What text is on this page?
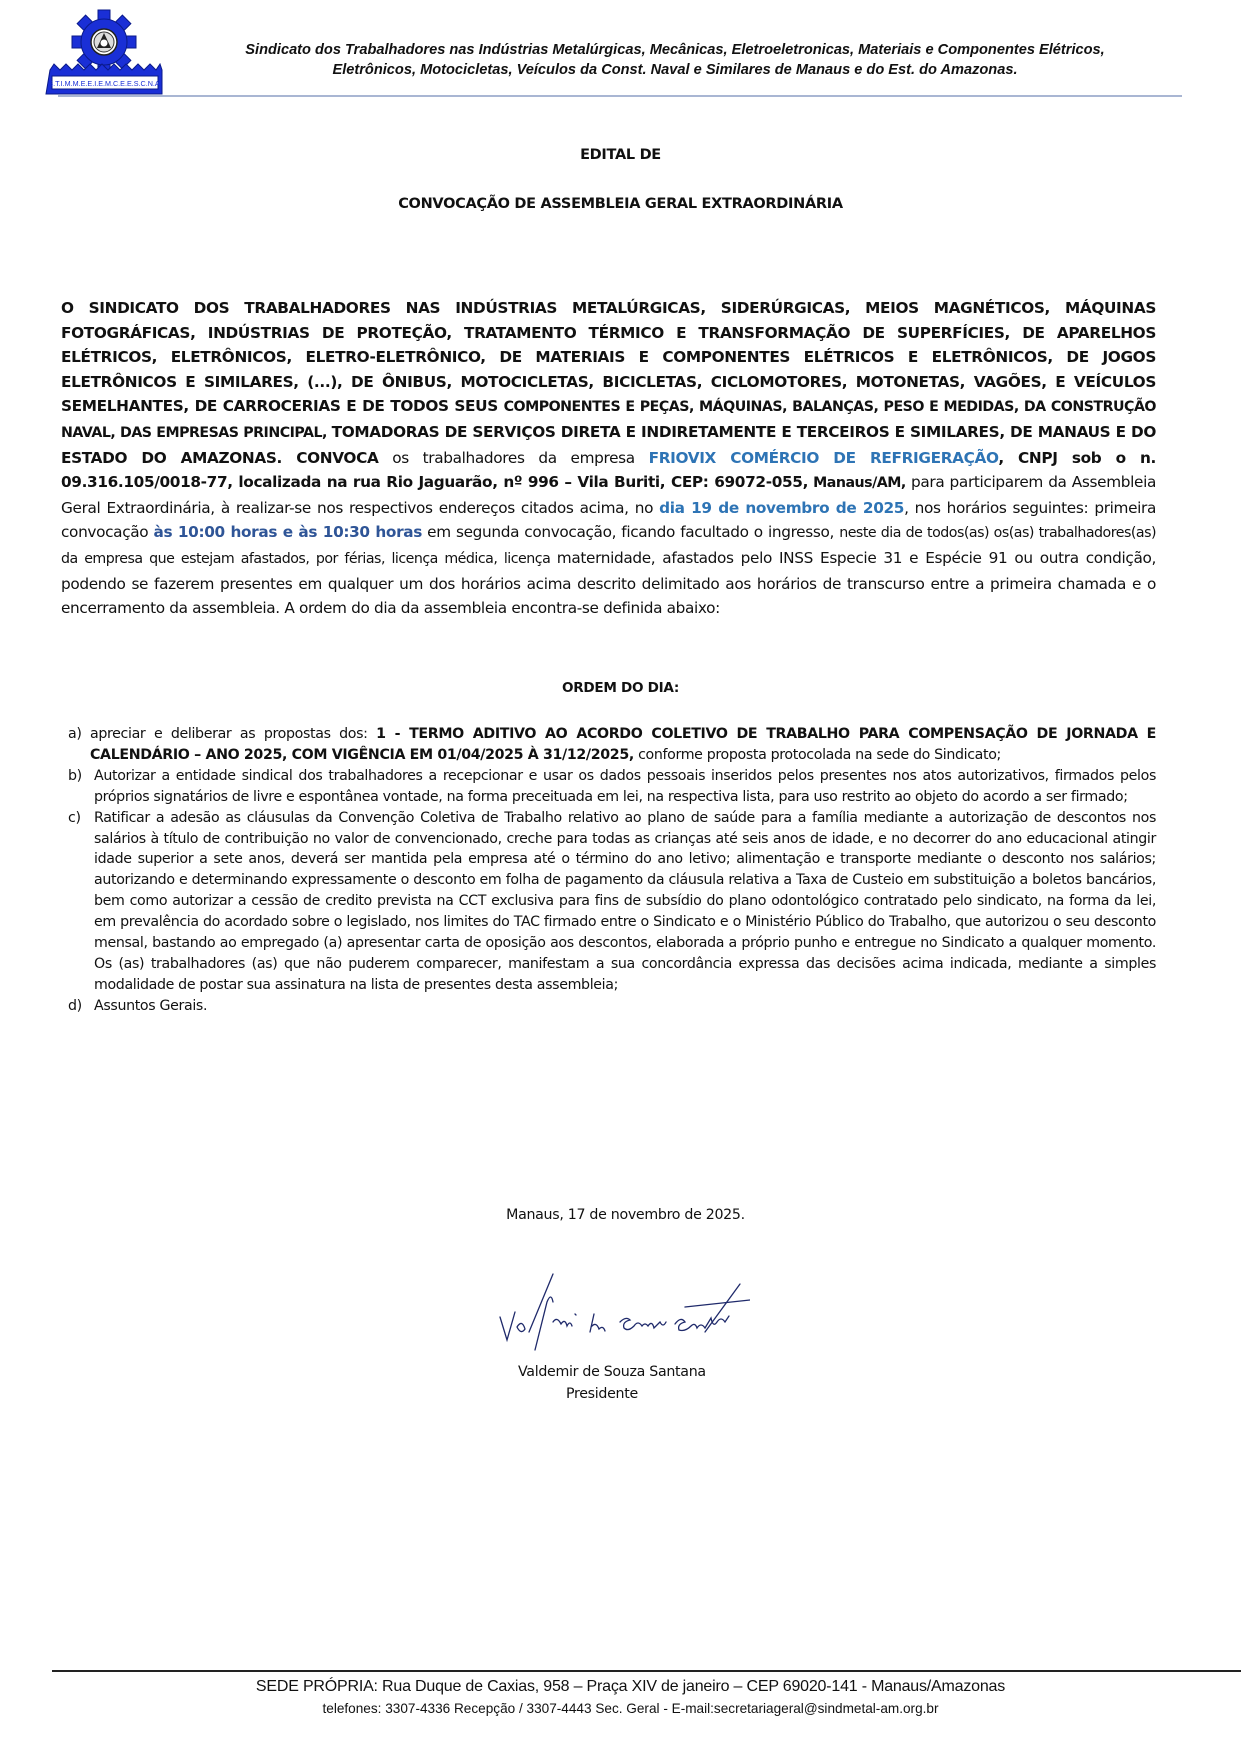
S.T.I.M.M.E.E.I.E.M.C.E.E.S.C.N.A.
Sindicato dos Trabalhadores nas Indústrias Metalúrgicas, Mecânicas, Eletroeletronicas, Materiais e Componentes Elétricos,
Eletrônicos, Motocicletas, Veículos da Const. Naval e Similares de Manaus e do Est. do Amazonas.
EDITAL DE
CONVOCAÇÃO DE ASSEMBLEIA GERAL EXTRAORDINÁRIA
O SINDICATO DOS TRABALHADORES NAS INDÚSTRIAS METALÚRGICAS, SIDERÚRGICAS, MEIOS MAGNÉTICOS, MÁQUINAS FOTOGRÁFICAS, INDÚSTRIAS DE PROTEÇÃO, TRATAMENTO TÉRMICO E TRANSFORMAÇÃO DE SUPERFÍCIES, DE APARELHOS ELÉTRICOS, ELETRÔNICOS, ELETRO-ELETRÔNICO, DE MATERIAIS E COMPONENTES ELÉTRICOS E ELETRÔNICOS, DE JOGOS ELETRÔNICOS E SIMILARES, (...), DE ÔNIBUS, MOTOCICLETAS, BICICLETAS, CICLOMOTORES, MOTONETAS, VAGÕES, E VEÍCULOS SEMELHANTES, DE CARROCERIAS E DE TODOS SEUS COMPONENTES E PEÇAS, MÁQUINAS, BALANÇAS, PESO E MEDIDAS, DA CONSTRUÇÃO NAVAL, DAS EMPRESAS PRINCIPAL, TOMADORAS DE SERVIÇOS DIRETA E INDIRETAMENTE E TERCEIROS E SIMILARES, DE MANAUS E DO ESTADO DO AMAZONAS. CONVOCA os trabalhadores da empresa FRIOVIX COMÉRCIO DE REFRIGERAÇÃO, CNPJ sob o n. 09.316.105/0018-77, localizada na rua Rio Jaguarão, nº 996 – Vila Buriti, CEP: 69072-055, Manaus/AM, para participarem da Assembleia Geral Extraordinária, à realizar-se nos respectivos endereços citados acima, no dia 19 de novembro de 2025, nos horários seguintes: primeira convocação às 10:00 horas e às 10:30 horas em segunda convocação, ficando facultado o ingresso, neste dia de todos(as) os(as) trabalhadores(as) da empresa que estejam afastados, por férias, licença médica, licença maternidade, afastados pelo INSS Especie 31 e Espécie 91 ou outra condição, podendo se fazerem presentes em qualquer um dos horários acima descrito delimitado aos horários de transcurso entre a primeira chamada e o encerramento da assembleia. A ordem do dia da assembleia encontra-se definida abaixo:
ORDEM DO DIA:
a) apreciar e deliberar as propostas dos: 1 - TERMO ADITIVO AO ACORDO COLETIVO DE TRABALHO PARA COMPENSAÇÃO DE JORNADA E CALENDÁRIO – ANO 2025, COM VIGÊNCIA EM 01/04/2025 À 31/12/2025, conforme proposta protocolada na sede do Sindicato;
b) Autorizar a entidade sindical dos trabalhadores a recepcionar e usar os dados pessoais inseridos pelos presentes nos atos autorizativos, firmados pelos próprios signatários de livre e espontânea vontade, na forma preceituada em lei, na respectiva lista, para uso restrito ao objeto do acordo a ser firmado;
c) Ratificar a adesão as cláusulas da Convenção Coletiva de Trabalho relativo ao plano de saúde para a família mediante a autorização de descontos nos salários à título de contribuição no valor de convencionado, creche para todas as crianças até seis anos de idade, e no decorrer do ano educacional atingir idade superior a sete anos, deverá ser mantida pela empresa até o término do ano letivo; alimentação e transporte mediante o desconto nos salários; autorizando e determinando expressamente o desconto em folha de pagamento da cláusula relativa a Taxa de Custeio em substituição a boletos bancários, bem como autorizar a cessão de credito prevista na CCT exclusiva para fins de subsídio do plano odontológico contratado pelo sindicato, na forma da lei, em prevalência do acordado sobre o legislado, nos limites do TAC firmado entre o Sindicato e o Ministério Público do Trabalho, que autorizou o seu desconto mensal, bastando ao empregado (a) apresentar carta de oposição aos descontos, elaborada a próprio punho e entregue no Sindicato a qualquer momento. Os (as) trabalhadores (as) que não puderem comparecer, manifestam a sua concordância expressa das decisões acima indicada, mediante a simples modalidade de postar sua assinatura na lista de presentes desta assembleia;
d) Assuntos Gerais.
Manaus, 17 de novembro de 2025.
Valdemir de Souza Santana
Presidente
SEDE PRÓPRIA: Rua Duque de Caxias, 958 – Praça XIV de janeiro – CEP 69020-141 - Manaus/Amazonas
telefones: 3307-4336 Recepção / 3307-4443 Sec. Geral - E-mail:secretariageral@sindmetal-am.org.br
